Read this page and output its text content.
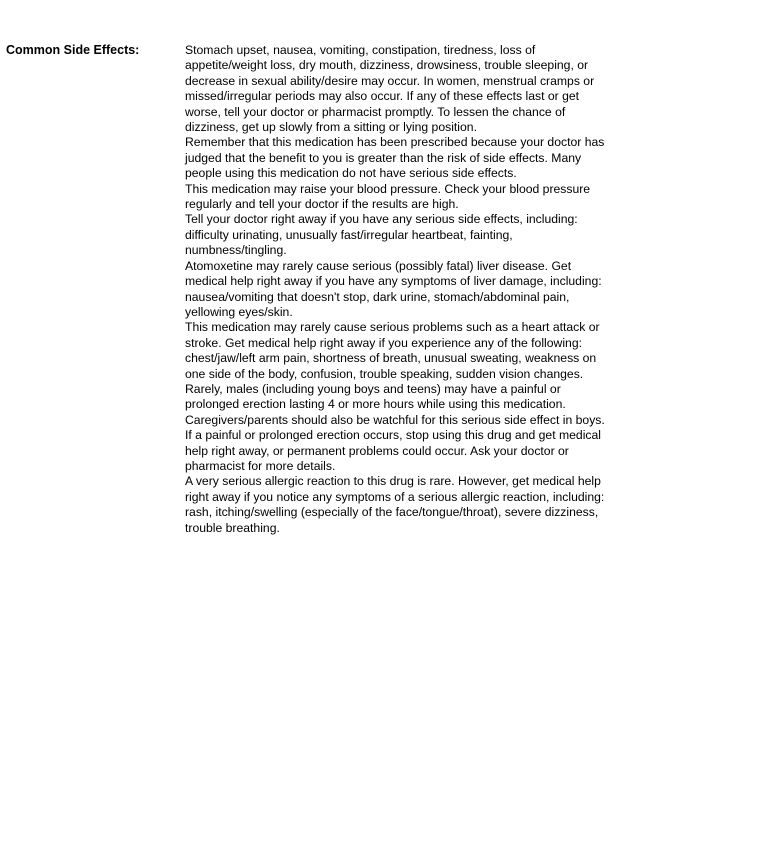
Common Side Effects:	Stomach upset, nausea, vomiting, constipation, tiredness, loss of appetite/weight loss, dry mouth, dizziness, drowsiness, trouble sleeping, or decrease in sexual ability/desire may occur. In women, menstrual cramps or missed/irregular periods may also occur. If any of these effects last or get worse, tell your doctor or pharmacist promptly. To lessen the chance of dizziness, get up slowly from a sitting or lying position.

Remember that this medication has been prescribed because your doctor has judged that the benefit to you is greater than the risk of side effects. Many people using this medication do not have serious side effects.

This medication may raise your blood pressure. Check your blood pressure regularly and tell your doctor if the results are high.

Tell your doctor right away if you have any serious side effects, including: difficulty urinating, unusually fast/irregular heartbeat, fainting, numbness/tingling.

Atomoxetine may rarely cause serious (possibly fatal) liver disease. Get medical help right away if you have any symptoms of liver damage, including: nausea/vomiting that doesn't stop, dark urine, stomach/abdominal pain, yellowing eyes/skin.

This medication may rarely cause serious problems such as a heart attack or stroke. Get medical help right away if you experience any of the following: chest/jaw/left arm pain, shortness of breath, unusual sweating, weakness on one side of the body, confusion, trouble speaking, sudden vision changes.

Rarely, males (including young boys and teens) may have a painful or prolonged erection lasting 4 or more hours while using this medication. Caregivers/parents should also be watchful for this serious side effect in boys. If a painful or prolonged erection occurs, stop using this drug and get medical help right away, or permanent problems could occur. Ask your doctor or pharmacist for more details.

A very serious allergic reaction to this drug is rare. However, get medical help right away if you notice any symptoms of a serious allergic reaction, including: rash, itching/swelling (especially of the face/tongue/throat), severe dizziness, trouble breathing.
